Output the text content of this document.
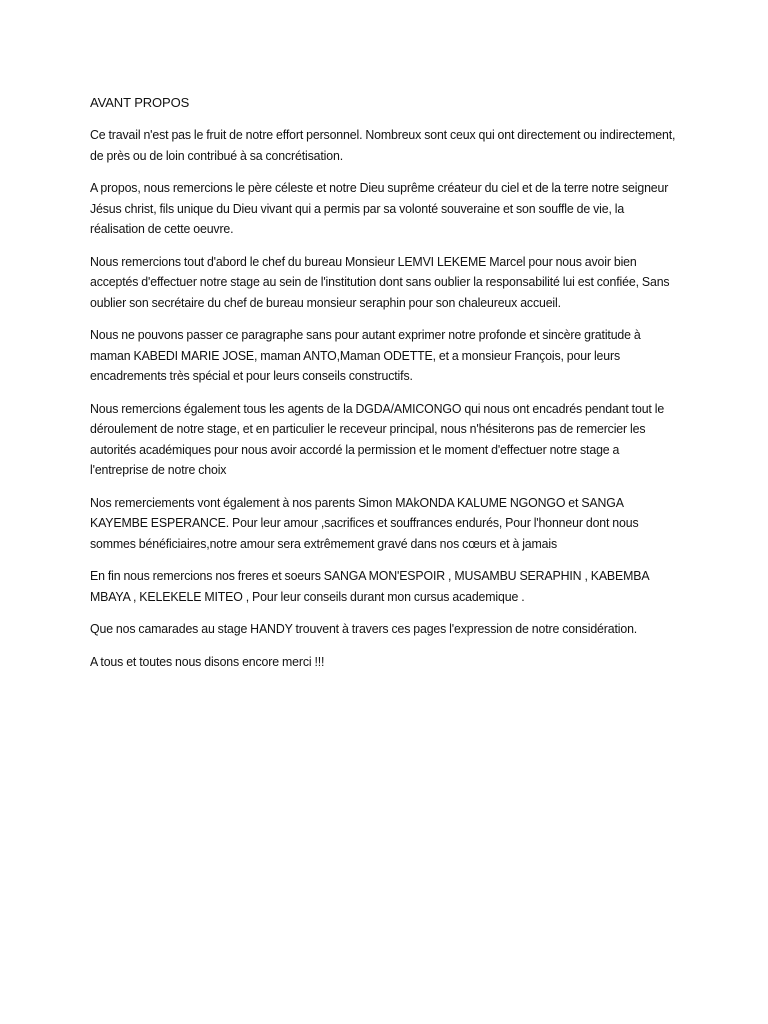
AVANT PROPOS

Ce travail n'est pas le fruit de notre effort personnel. Nombreux sont ceux qui ont directement ou indirectement, de près ou de loin contribué à sa concrétisation.

A propos, nous remercions le père céleste et notre Dieu suprême créateur du ciel et de la terre notre seigneur Jésus christ, fils unique du Dieu vivant qui a permis par sa volonté souveraine et son souffle de vie, la réalisation de cette oeuvre.

Nous remercions tout d'abord le chef du bureau Monsieur LEMVI LEKEME Marcel pour nous avoir bien acceptés d'effectuer notre stage au sein de l'institution dont sans oublier la responsabilité lui est confiée, Sans oublier son secrétaire du chef de bureau monsieur seraphin pour son chaleureux accueil.

Nous ne pouvons passer ce paragraphe sans pour autant exprimer notre profonde et sincère gratitude à maman KABEDI MARIE JOSE, maman ANTO,Maman ODETTE, et a monsieur François, pour leurs encadrements très spécial et pour leurs conseils constructifs.

Nous remercions également tous les agents de la DGDA/AMICONGO qui nous ont encadrés pendant tout le déroulement de notre stage, et en particulier le receveur principal, nous n'hésiterons pas de remercier les autorités académiques pour nous avoir accordé la permission et le moment d'effectuer notre stage a l'entreprise de notre choix

Nos remerciements vont également à nos parents Simon MAkONDA KALUME NGONGO et SANGA KAYEMBE ESPERANCE. Pour leur amour ,sacrifices et souffrances endurés, Pour l'honneur dont nous sommes bénéficiaires,notre amour sera extrêmement gravé dans nos cœurs et à jamais

En fin nous remercions nos freres et soeurs SANGA MON'ESPOIR , MUSAMBU SERAPHIN , KABEMBA MBAYA , KELEKELE MITEO , Pour leur conseils durant mon cursus academique .

Que nos camarades au stage HANDY trouvent à travers ces pages l'expression de notre considération.

A tous et toutes nous disons encore merci !!!
